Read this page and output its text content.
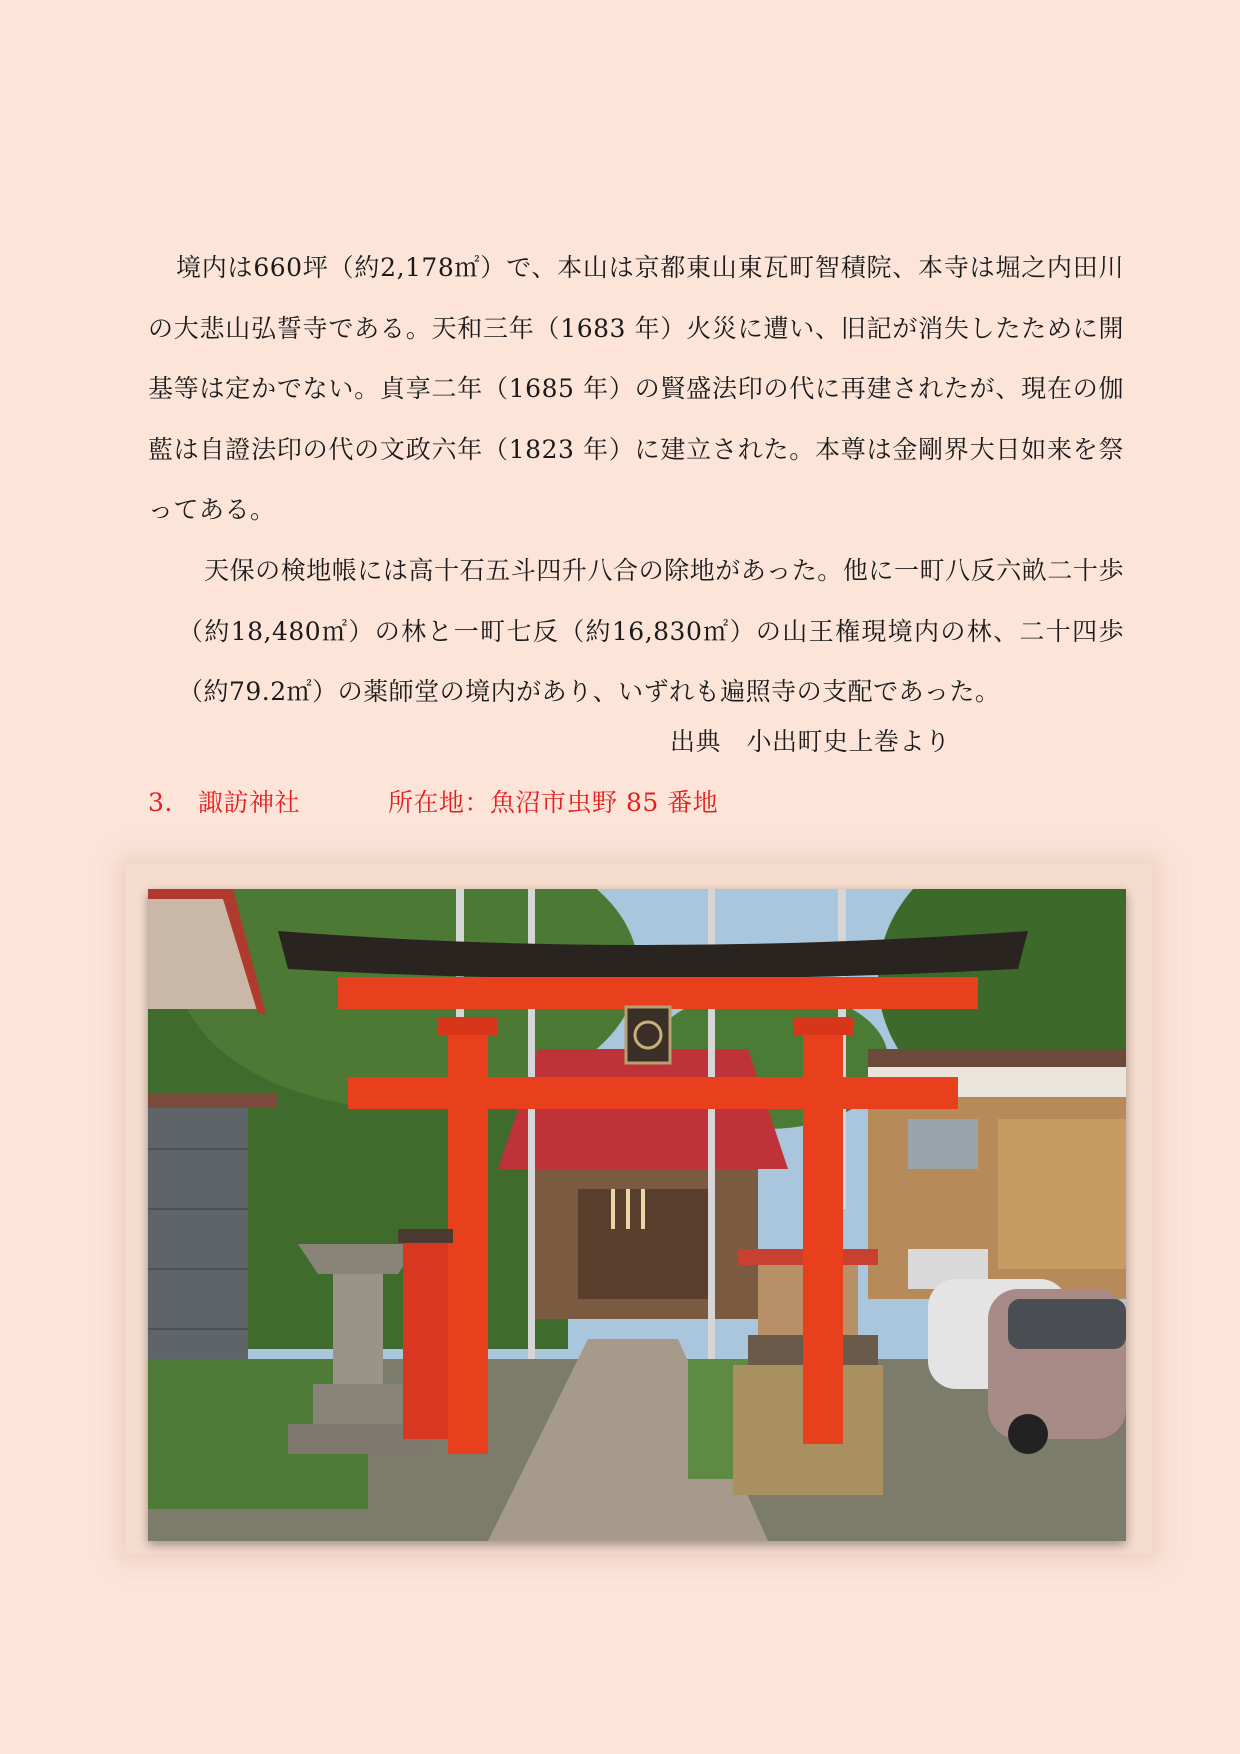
境内は660坪（約2,178㎡）で、本山は京都東山東瓦町智積院、本寺は堀之内田川の大悲山弘誓寺である。天和三年（1683 年）火災に遭い、旧記が消失したために開基等は定かでない。貞享二年（1685 年）の賢盛法印の代に再建されたが、現在の伽藍は自證法印の代の文政六年（1823 年）に建立された。本尊は金剛界大日如来を祭ってある。

天保の検地帳には高十石五斗四升八合の除地があった。他に一町八反六畝二十歩（約18,480㎡）の林と一町七反（約16,830㎡）の山王権現境内の林、二十四歩（約79.2㎡）の薬師堂の境内があり、いずれも遍照寺の支配であった。

出典　小出町史上巻より
3. 諏訪神社	所在地：魚沼市虫野 85 番地
